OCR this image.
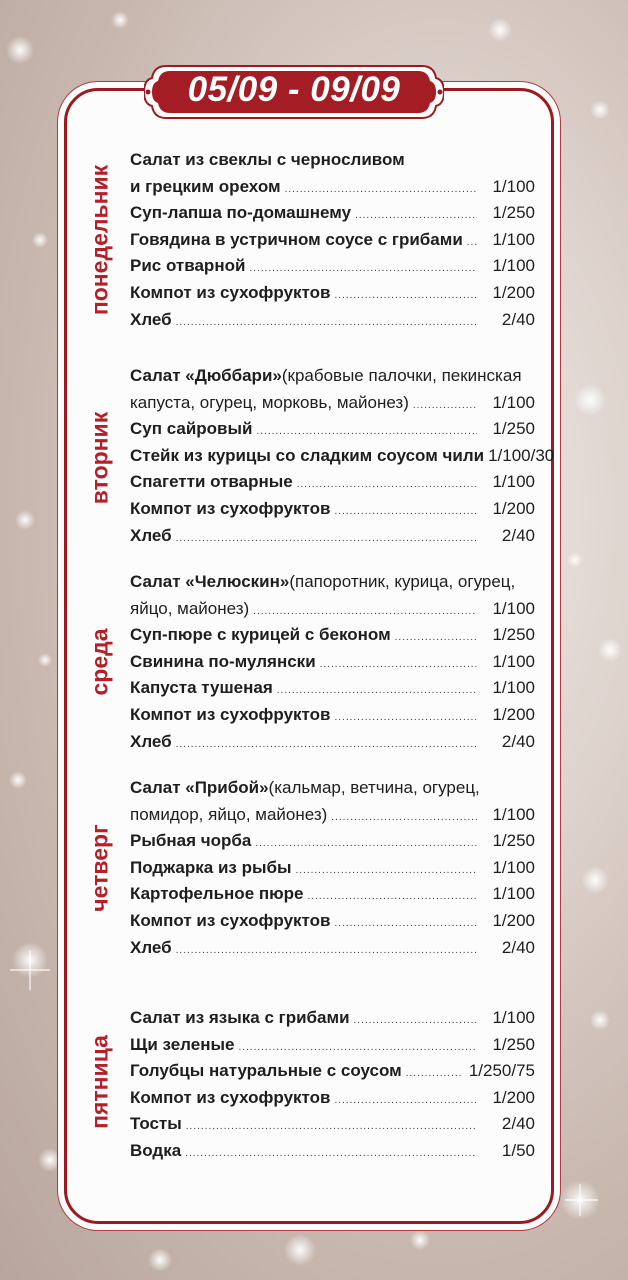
05/09 - 09/09
понедельник
Салат из свеклы с черносливом
и грецким орехом .....	1/100
Суп-лапша по-домашнему .....	1/250
Говядина в устричном соусе с грибами .....	1/100
Рис отварной .....	1/100
Компот из сухофруктов .....	1/200
Хлеб .....	2/40
вторник
Салат «Дюббари» (крабовые палочки, пекинская
капуста, огурец, морковь, майонез) .....	1/100
Суп сайровый .....	1/250
Стейк из курицы со сладким соусом чили 1/100/30
Спагетти отварные .....	1/100
Компот из сухофруктов .....	1/200
Хлеб .....	2/40
среда
Салат «Челюскин» (папоротник, курица, огурец,
яйцо, майонез) .....	1/100
Суп-пюре с курицей с беконом .....	1/250
Свинина по-мулянски .....	1/100
Капуста тушеная .....	1/100
Компот из сухофруктов .....	1/200
Хлеб .....	2/40
четверг
Салат «Прибой» (кальмар, ветчина, огурец,
помидор, яйцо, майонез) .....	1/100
Рыбная чорба .....	1/250
Поджарка из рыбы .....	1/100
Картофельное пюре .....	1/100
Компот из сухофруктов .....	1/200
Хлеб .....	2/40
пятница
Салат из языка с грибами .....	1/100
Щи зеленые .....	1/250
Голубцы натуральные с соусом .....	1/250/75
Компот из сухофруктов .....	1/200
Тосты .....	2/40
Водка .....	1/50
